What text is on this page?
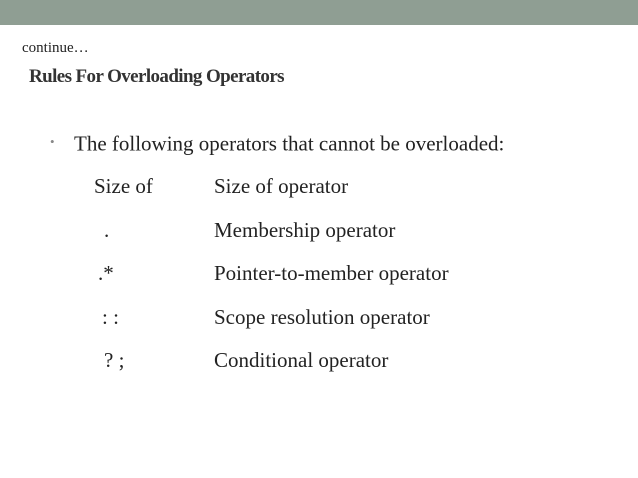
continue…
Rules For Overloading Operators
• The following operators that cannot be overloaded:
Size of	Size of operator
.	Membership operator
.*	Pointer-to-member operator
: :	Scope resolution operator
? ;	Conditional operator
